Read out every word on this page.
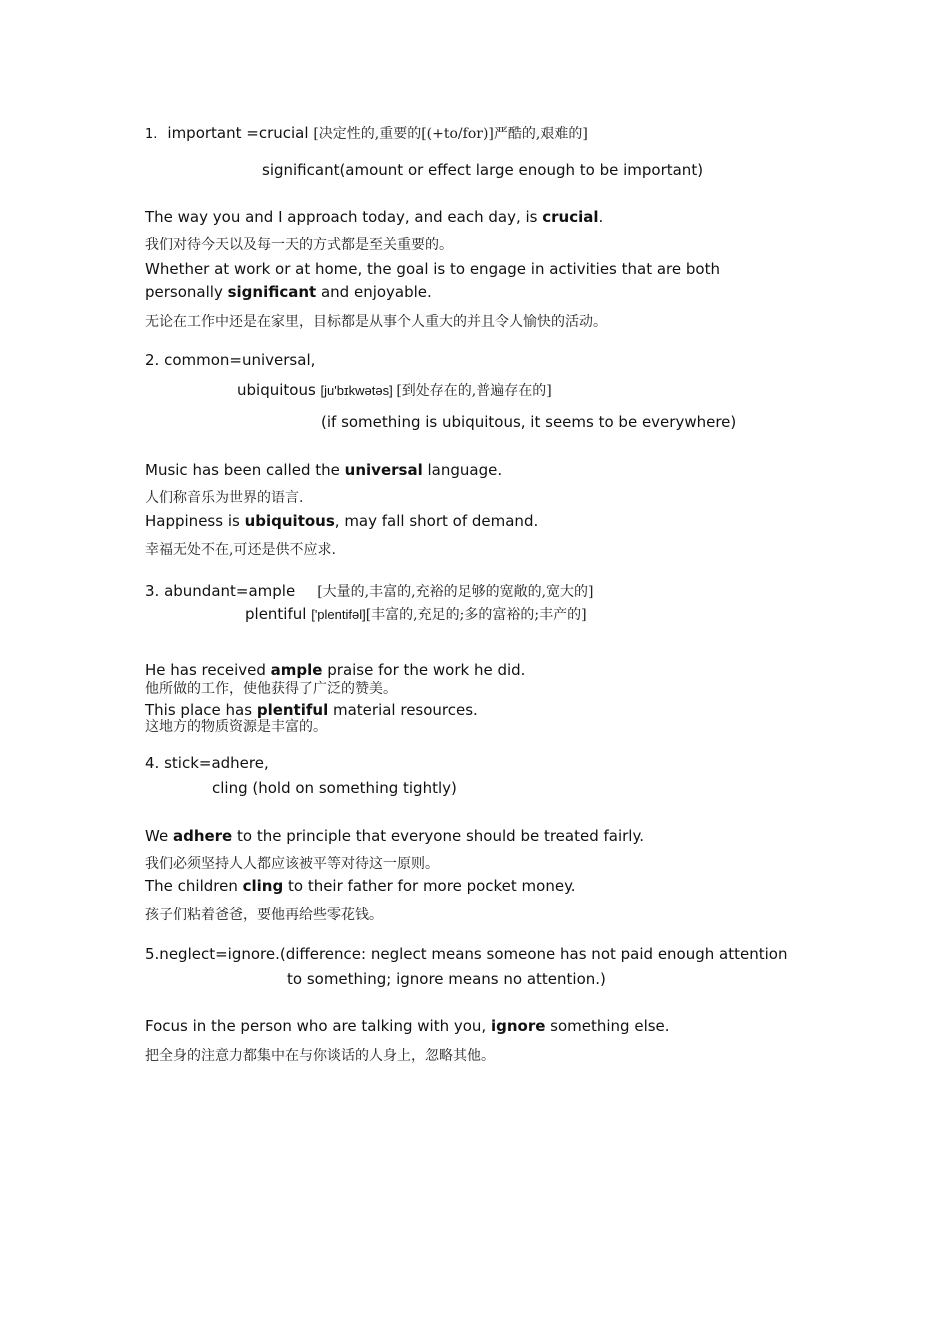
1. important =crucial [决定性的,重要的[(+to/for)]严酷的,艰难的]
significant(amount or effect large enough to be important)
The way you and I approach today, and each day, is crucial.
我们对待今天以及每一天的方式都是至关重要的。
Whether at work or at home, the goal is to engage in activities that are both
personally significant and enjoyable.
无论在工作中还是在家里，目标都是从事个人重大的并且令人愉快的活动。
2. common=universal,
ubiquitous [ju'bɪkwətəs] [到处存在的,普遍存在的]
(if something is ubiquitous, it seems to be everywhere)
Music has been called the universal language.
人们称音乐为世界的语言.
Happiness is ubiquitous, may fall short of demand.
幸福无处不在,可还是供不应求.
3. abundant=ample [大量的,丰富的,充裕的足够的宽敞的,宽大的]
plentiful ['plentifəl][丰富的,充足的;多的富裕的;丰产的]
He has received ample praise for the work he did.
他所做的工作，使他获得了广泛的赞美。
This place has plentiful material resources.
这地方的物质资源是丰富的。
4. stick=adhere,
cling (hold on something tightly)
We adhere to the principle that everyone should be treated fairly.
我们必须坚持人人都应该被平等对待这一原则。
The children cling to their father for more pocket money.
孩子们粘着爸爸，要他再给些零花钱。
5.neglect=ignore.(difference: neglect means someone has not paid enough attention
to something; ignore means no attention.)
Focus in the person who are talking with you, ignore something else.
把全身的注意力都集中在与你谈话的人身上，忽略其他。
